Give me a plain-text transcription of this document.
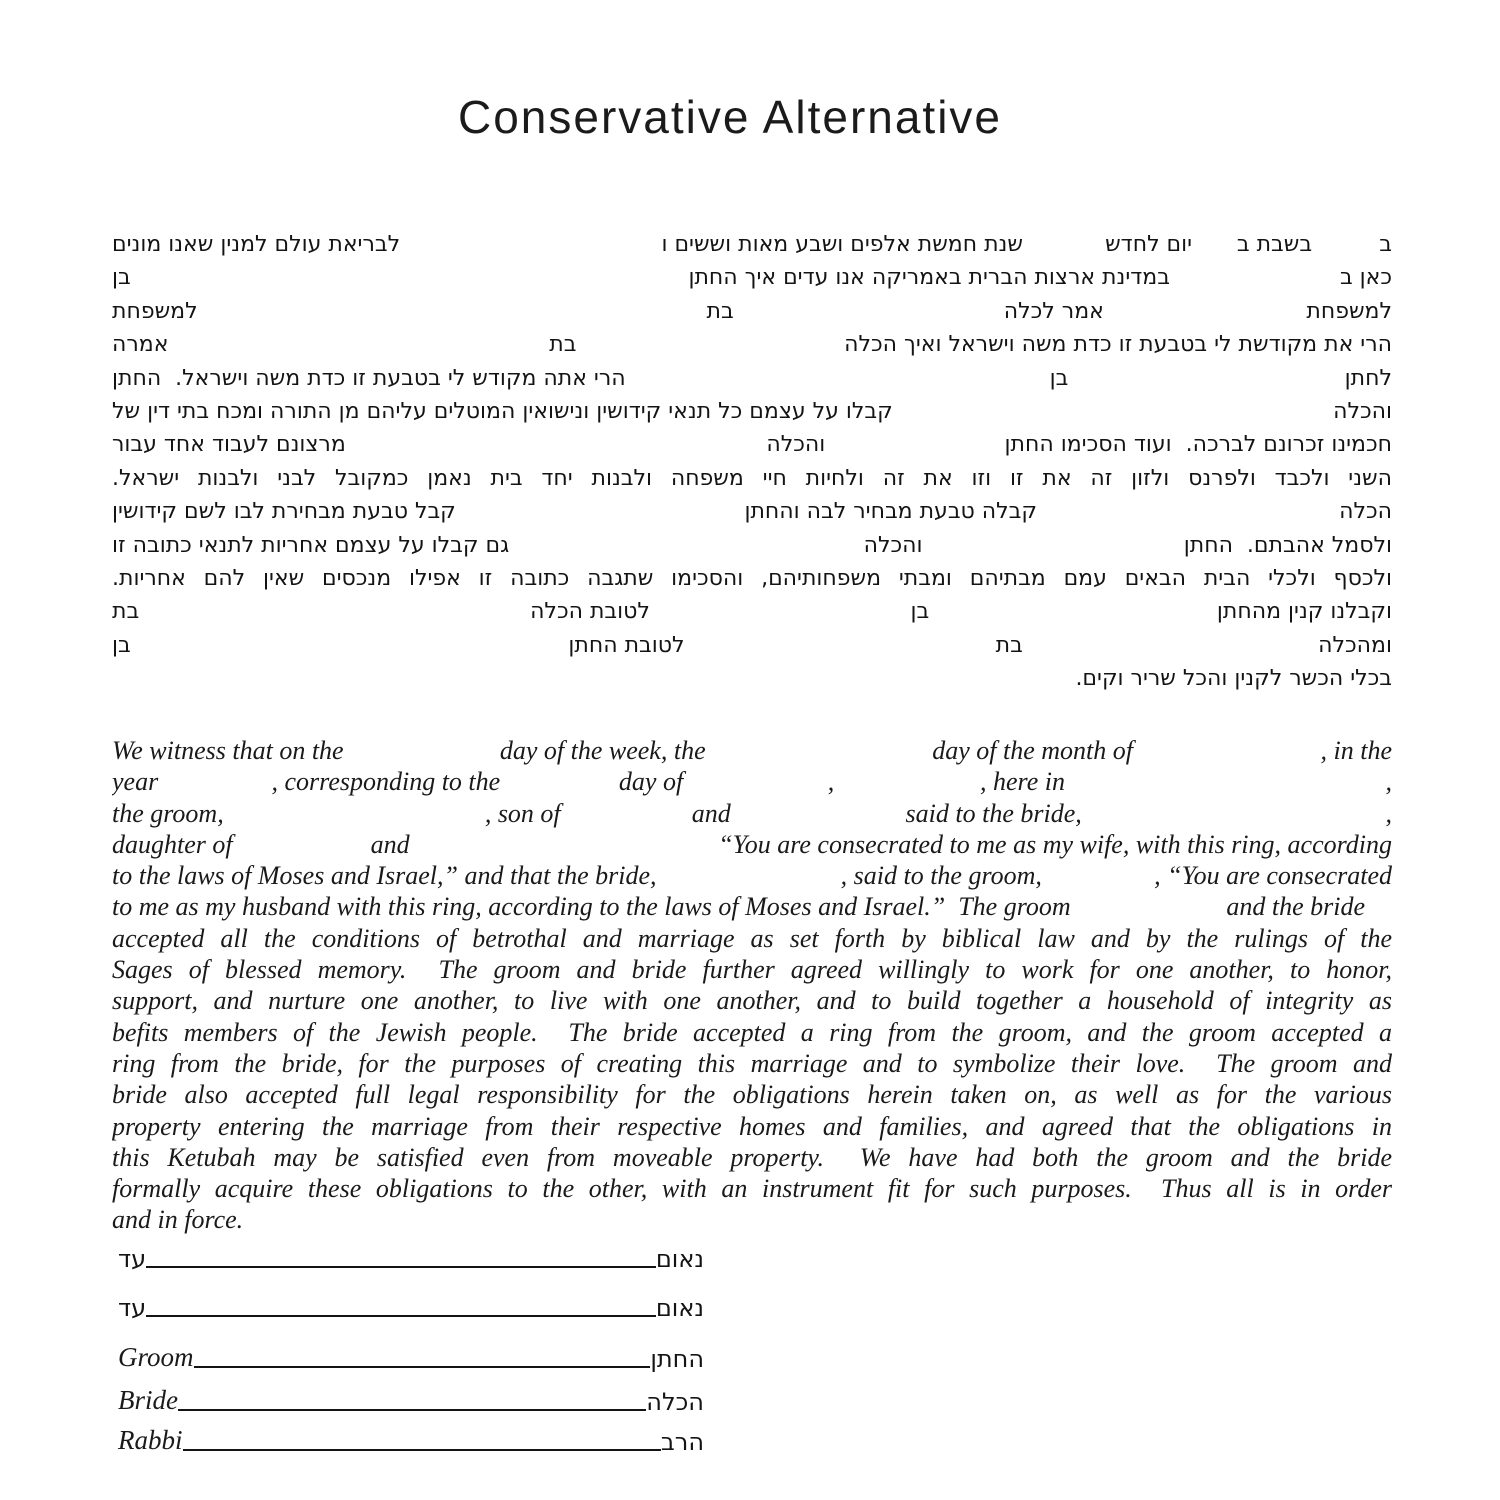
Conservative Alternative
ב
בשבת ב
יום לחדש
שנת חמשת אלפים ושבע מאות וששים ו
לבריאת עולם למנין שאנו מונים
כאן ב
במדינת ארצות הברית באמריקה אנו עדים איך החתן
בן
למשפחת
אמר לכלה
בת
למשפחת
הרי את מקודשת לי בטבעת זו כדת משה וישראל ואיך הכלה
בת
אמרה
לחתן
בן
הרי אתה מקודש לי בטבעת זו כדת משה וישראל.  החתן
והכלה
קבלו על עצמם כל תנאי קידושין ונישואין המוטלים עליהם מן התורה ומכח בתי דין של
חכמינו זכרונם לברכה.  ועוד הסכימו החתן
והכלה
מרצונם לעבוד אחד עבור
השני ולכבד ולפרנס ולזון זה את זו וזו את זה ולחיות חיי משפחה ולבנות יחד בית נאמן כמקובל לבני ולבנות ישראל.
הכלה
קבלה טבעת מבחיר לבה והחתן
קבל טבעת מבחירת לבו לשם קידושין
ולסמל אהבתם.  החתן
והכלה
גם קבלו על עצמם אחריות לתנאי כתובה זו
ולכסף ולכלי הבית הבאים עמם מבתיהם ומבתי משפחותיהם, והסכימו שתגבה כתובה זו אפילו מנכסים שאין להם אחריות.
וקבלנו קנין מהחתן
בן
לטובת הכלה
בת
ומהכלה
בת
לטובת החתן
בן
בכלי הכשר לקנין והכל שריר וקים.
We witness that on the	day of the week, the	day of the month of	, in the
year	, corresponding to the	day of	,	, here in	,
the groom,	, son of	and	said to the bride,	,
daughter of	and	“You are consecrated to me as my wife, with this ring, according
to the laws of Moses and Israel,” and that the bride,	, said to the groom,	, “You are consecrated
to me as my husband with this ring, according to the laws of Moses and Israel.”  The groom	and the bride
accepted all the conditions of betrothal and marriage as set forth by biblical law and by the rulings of the
Sages of blessed memory.  The groom and bride further agreed willingly to work for one another, to honor,
support, and nurture one another, to live with one another, and to build together a household of integrity as
befits members of the Jewish people.  The bride accepted a ring from the groom, and the groom accepted a
ring from the bride, for the purposes of creating this marriage and to symbolize their love.  The groom and
bride also accepted full legal responsibility for the obligations herein taken on, as well as for the various
property entering the marriage from their respective homes and families, and agreed that the obligations in
this Ketubah may be satisfied even from moveable property.  We have had both the groom and the bride
formally acquire these obligations to the other, with an instrument fit for such purposes.  Thus all is in order
and in force.
עד	נאום
עד	נאום
Groom	החתן
Bride	הכלה
Rabbi	הרב
